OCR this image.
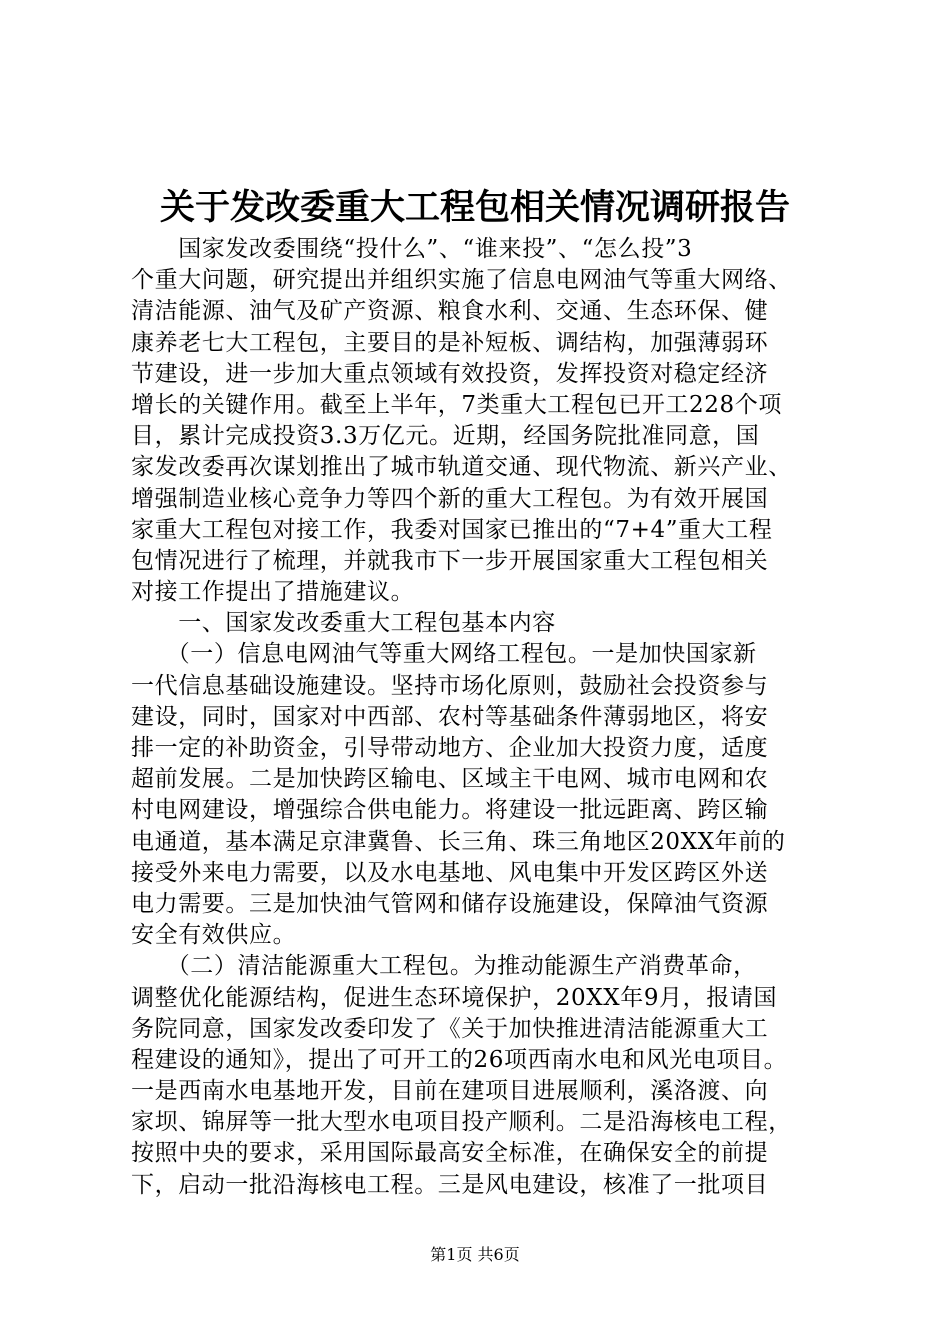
关于发改委重大工程包相关情况调研报告
　　国家发改委围绕“投什么”、“谁来投”、“怎么投”3
个重大问题，研究提出并组织实施了信息电网油气等重大网络、
清洁能源、油气及矿产资源、粮食水利、交通、生态环保、健
康养老七大工程包，主要目的是补短板、调结构，加强薄弱环
节建设，进一步加大重点领域有效投资，发挥投资对稳定经济
增长的关键作用。截至上半年，7类重大工程包已开工228个项
目，累计完成投资3.3万亿元。近期，经国务院批准同意，国
家发改委再次谋划推出了城市轨道交通、现代物流、新兴产业、
增强制造业核心竞争力等四个新的重大工程包。为有效开展国
家重大工程包对接工作，我委对国家已推出的“7+4”重大工程
包情况进行了梳理，并就我市下一步开展国家重大工程包相关
对接工作提出了措施建议。
　　一、国家发改委重大工程包基本内容
　　（一）信息电网油气等重大网络工程包。一是加快国家新
一代信息基础设施建设。坚持市场化原则，鼓励社会投资参与
建设，同时，国家对中西部、农村等基础条件薄弱地区，将安
排一定的补助资金，引导带动地方、企业加大投资力度，适度
超前发展。二是加快跨区输电、区域主干电网、城市电网和农
村电网建设，增强综合供电能力。将建设一批远距离、跨区输
电通道，基本满足京津冀鲁、长三角、珠三角地区20XX年前的
接受外来电力需要，以及水电基地、风电集中开发区跨区外送
电力需要。三是加快油气管网和储存设施建设，保障油气资源
安全有效供应。
　　（二）清洁能源重大工程包。为推动能源生产消费革命，
调整优化能源结构，促进生态环境保护，20XX年9月，报请国
务院同意，国家发改委印发了《关于加快推进清洁能源重大工
程建设的通知》，提出了可开工的26项西南水电和风光电项目。
一是西南水电基地开发，目前在建项目进展顺利，溪洛渡、向
家坝、锦屏等一批大型水电项目投产顺利。二是沿海核电工程，
按照中央的要求，采用国际最高安全标准，在确保安全的前提
下，启动一批沿海核电工程。三是风电建设，核准了一批项目
第1页 共6页
